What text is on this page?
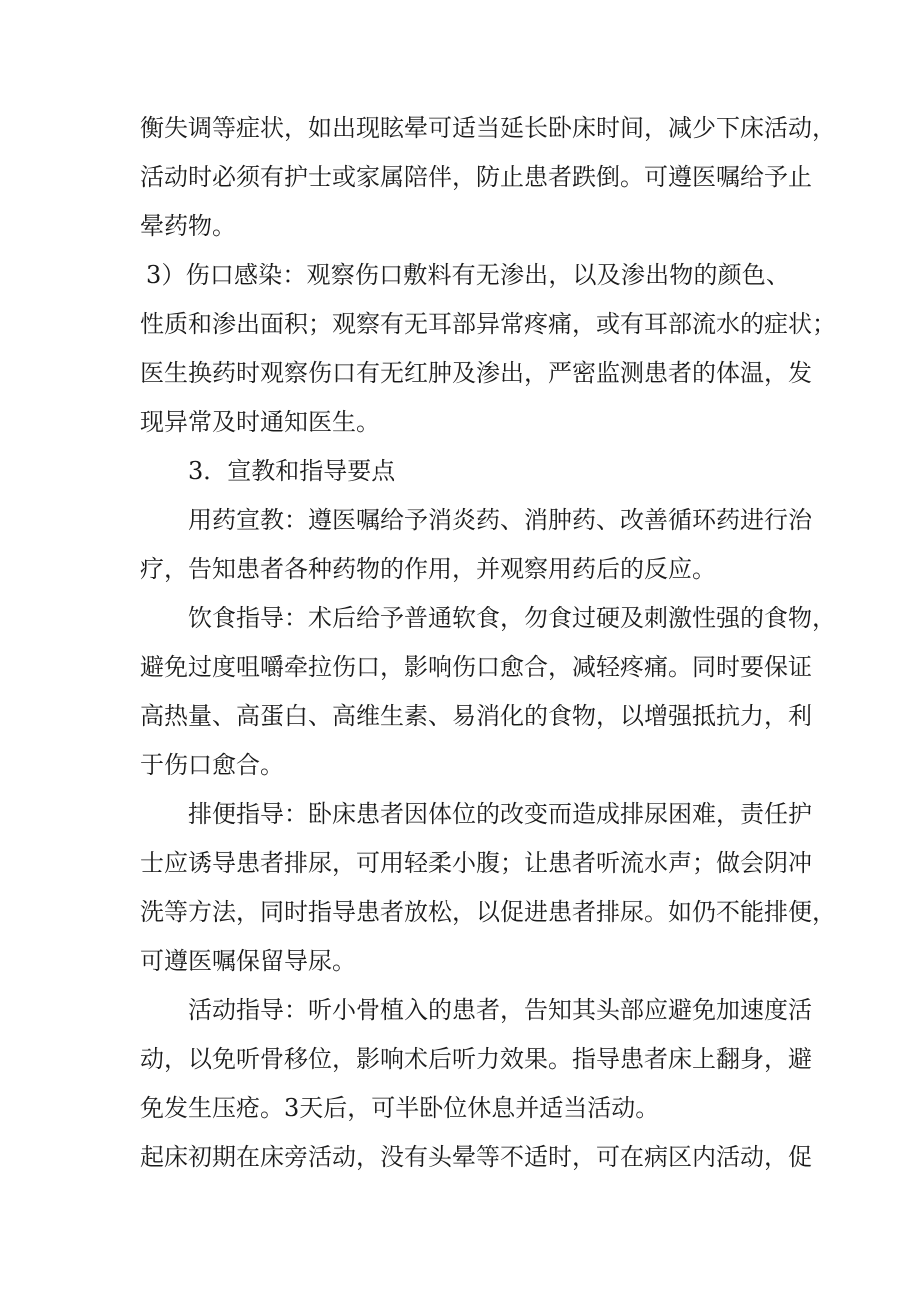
衡失调等症状，如出现眩晕可适当延长卧床时间，减少下床活动，
活动时必须有护士或家属陪伴，防止患者跌倒。可遵医嘱给予止
晕药物。
3）伤口感染：观察伤口敷料有无渗出，以及渗出物的颜色、
性质和渗出面积；观察有无耳部异常疼痛，或有耳部流水的症状；
医生换药时观察伤口有无红肿及渗出，严密监测患者的体温，发
现异常及时通知医生。
3．宣教和指导要点
用药宣教：遵医嘱给予消炎药、消肿药、改善循环药进行治
疗，告知患者各种药物的作用，并观察用药后的反应。
饮食指导：术后给予普通软食，勿食过硬及刺激性强的食物，
避免过度咀嚼牵拉伤口，影响伤口愈合，减轻疼痛。同时要保证
高热量、高蛋白、高维生素、易消化的食物，以增强抵抗力，利
于伤口愈合。
排便指导：卧床患者因体位的改变而造成排尿困难，责任护
士应诱导患者排尿，可用轻柔小腹；让患者听流水声；做会阴冲
洗等方法，同时指导患者放松，以促进患者排尿。如仍不能排便，
可遵医嘱保留导尿。
活动指导：听小骨植入的患者，告知其头部应避免加速度活
动，以免听骨移位，影响术后听力效果。指导患者床上翻身，避
免发生压疮。3天后，可半卧位休息并适当活动。
起床初期在床旁活动，没有头晕等不适时，可在病区内活动，促
